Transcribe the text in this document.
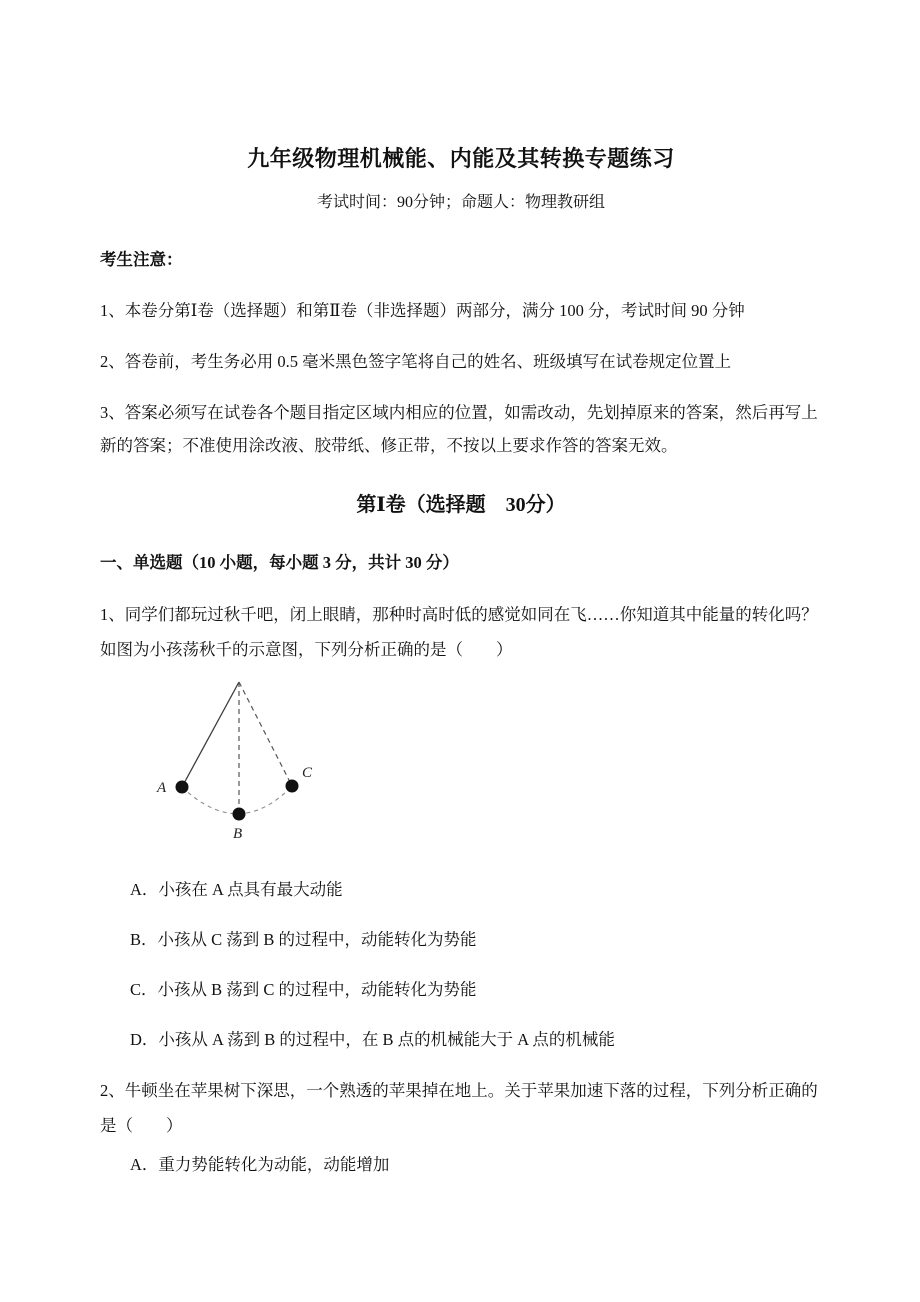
九年级物理机械能、内能及其转换专题练习
考试时间：90分钟；命题人：物理教研组
考生注意：

1、本卷分第Ⅰ卷（选择题）和第Ⅱ卷（非选择题）两部分，满分 100 分，考试时间 90 分钟

2、答卷前，考生务必用 0.5 毫米黑色签字笔将自己的姓名、班级填写在试卷规定位置上

3、答案必须写在试卷各个题目指定区域内相应的位置，如需改动，先划掉原来的答案，然后再写上新的答案；不准使用涂改液、胶带纸、修正带，不按以上要求作答的答案无效。

第Ⅰ卷（选择题　30分）
一、单选题（10 小题，每小题 3 分，共计 30 分）

1、同学们都玩过秋千吧，闭上眼睛，那种时高时低的感觉如同在飞……你知道其中能量的转化吗？如图为小孩荡秋千的示意图，下列分析正确的是（　　）

A
B
C

A．小孩在 A 点具有最大动能

B．小孩从 C 荡到 B 的过程中，动能转化为势能

C．小孩从 B 荡到 C 的过程中，动能转化为势能

D．小孩从 A 荡到 B 的过程中，在 B 点的机械能大于 A 点的机械能

2、牛顿坐在苹果树下深思，一个熟透的苹果掉在地上。关于苹果加速下落的过程，下列分析正确的是（　　）

A．重力势能转化为动能，动能增加
